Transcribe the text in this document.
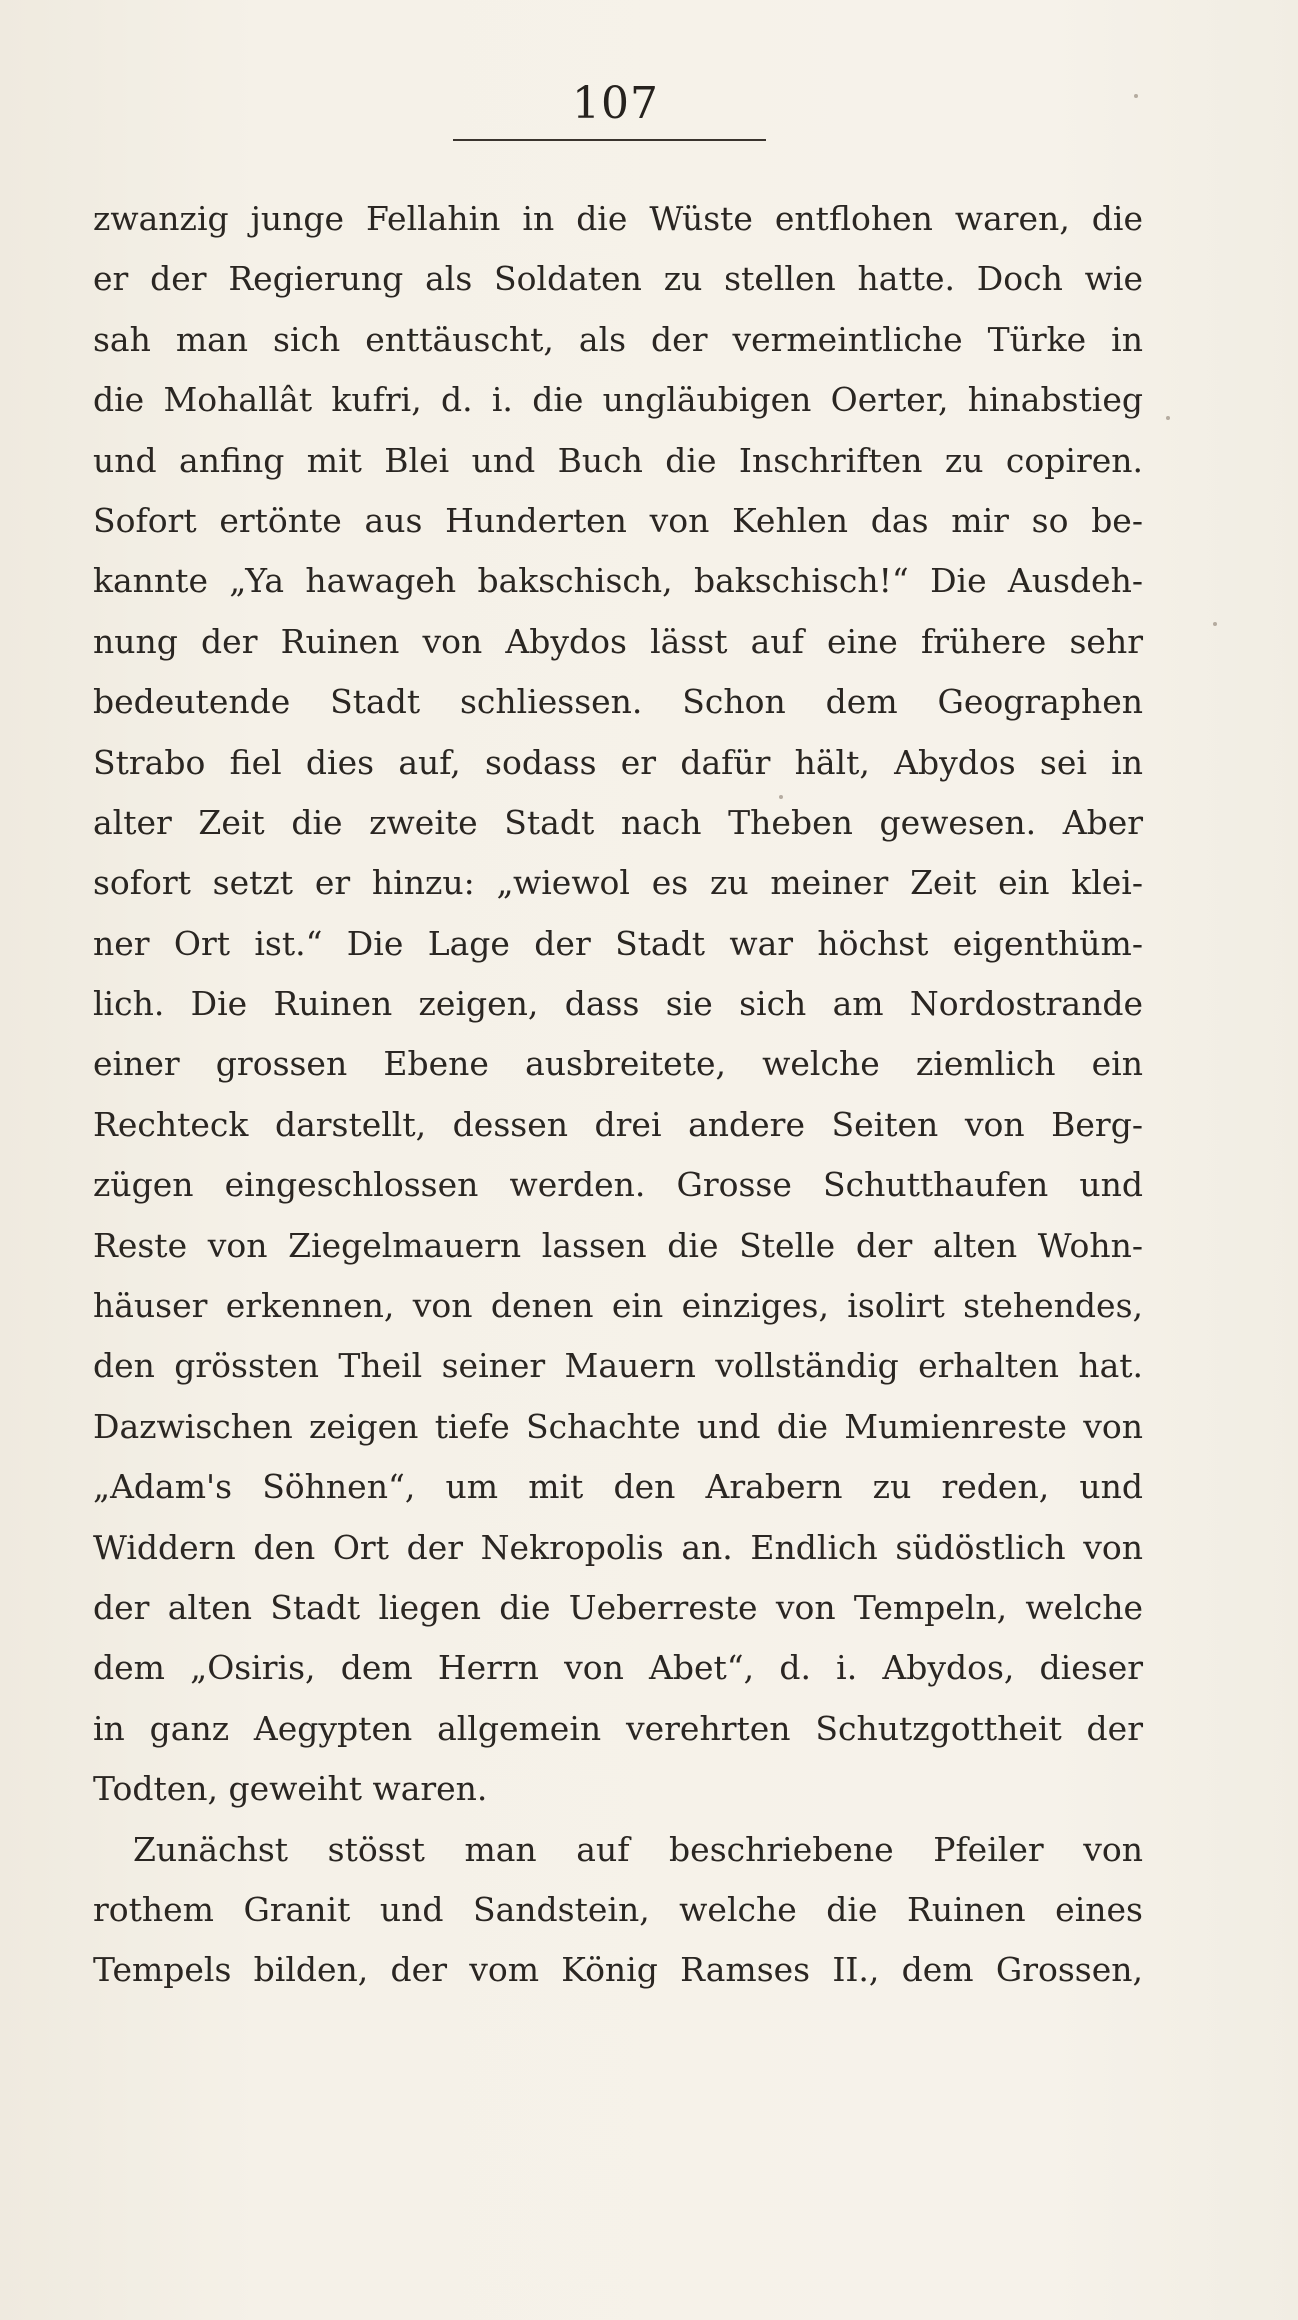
107
zwanzig junge Fellahin in die Wüste entflohen waren, die
er der Regierung als Soldaten zu stellen hatte. Doch wie
sah man sich enttäuscht, als der vermeintliche Türke in
die Mohallât kufri, d. i. die ungläubigen Oerter, hinabstieg
und anfing mit Blei und Buch die Inschriften zu copiren.
Sofort ertönte aus Hunderten von Kehlen das mir so be-
kannte „Ya hawageh bakschisch, bakschisch!“ Die Ausdeh-
nung der Ruinen von Abydos lässt auf eine frühere sehr
bedeutende Stadt schliessen. Schon dem Geographen
Strabo fiel dies auf, sodass er dafür hält, Abydos sei in
alter Zeit die zweite Stadt nach Theben gewesen. Aber
sofort setzt er hinzu: „wiewol es zu meiner Zeit ein klei-
ner Ort ist.“ Die Lage der Stadt war höchst eigenthüm-
lich. Die Ruinen zeigen, dass sie sich am Nordostrande
einer grossen Ebene ausbreitete, welche ziemlich ein
Rechteck darstellt, dessen drei andere Seiten von Berg-
zügen eingeschlossen werden. Grosse Schutthaufen und
Reste von Ziegelmauern lassen die Stelle der alten Wohn-
häuser erkennen, von denen ein einziges, isolirt stehendes,
den grössten Theil seiner Mauern vollständig erhalten hat.
Dazwischen zeigen tiefe Schachte und die Mumienreste von
„Adam's Söhnen“, um mit den Arabern zu reden, und
Widdern den Ort der Nekropolis an. Endlich südöstlich von
der alten Stadt liegen die Ueberreste von Tempeln, welche
dem „Osiris, dem Herrn von Abet“, d. i. Abydos, dieser
in ganz Aegypten allgemein verehrten Schutzgottheit der
Todten, geweiht waren.
Zunächst stösst man auf beschriebene Pfeiler von
rothem Granit und Sandstein, welche die Ruinen eines
Tempels bilden, der vom König Ramses II., dem Grossen,
